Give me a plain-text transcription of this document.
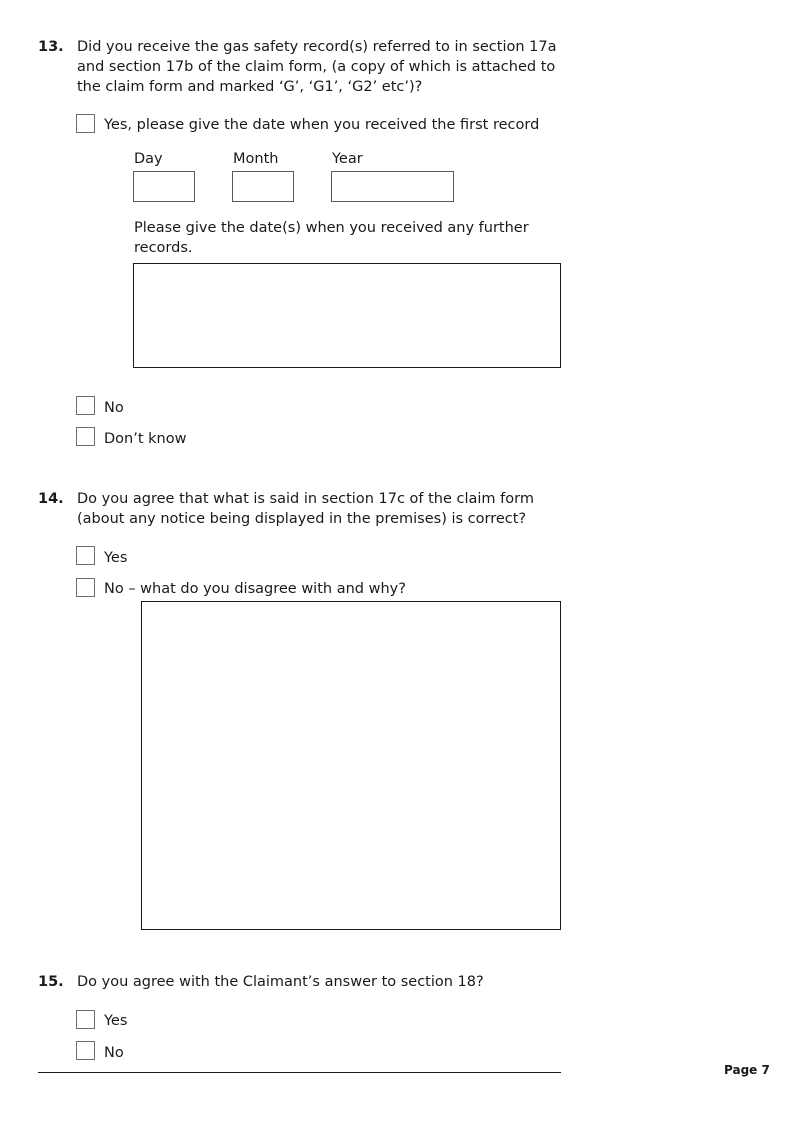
13. Did you receive the gas safety record(s) referred to in section 17a and section 17b of the claim form, (a copy of which is attached to the claim form and marked ‘G’, ‘G1’, ‘G2’ etc’)?
Yes, please give the date when you received the first record
Day	Month	Year
Please give the date(s) when you received any further records.
No
Don’t know
14. Do you agree that what is said in section 17c of the claim form (about any notice being displayed in the premises) is correct?
Yes
No – what do you disagree with and why?
15. Do you agree with the Claimant’s answer to section 18?
Yes
No
Page 7
